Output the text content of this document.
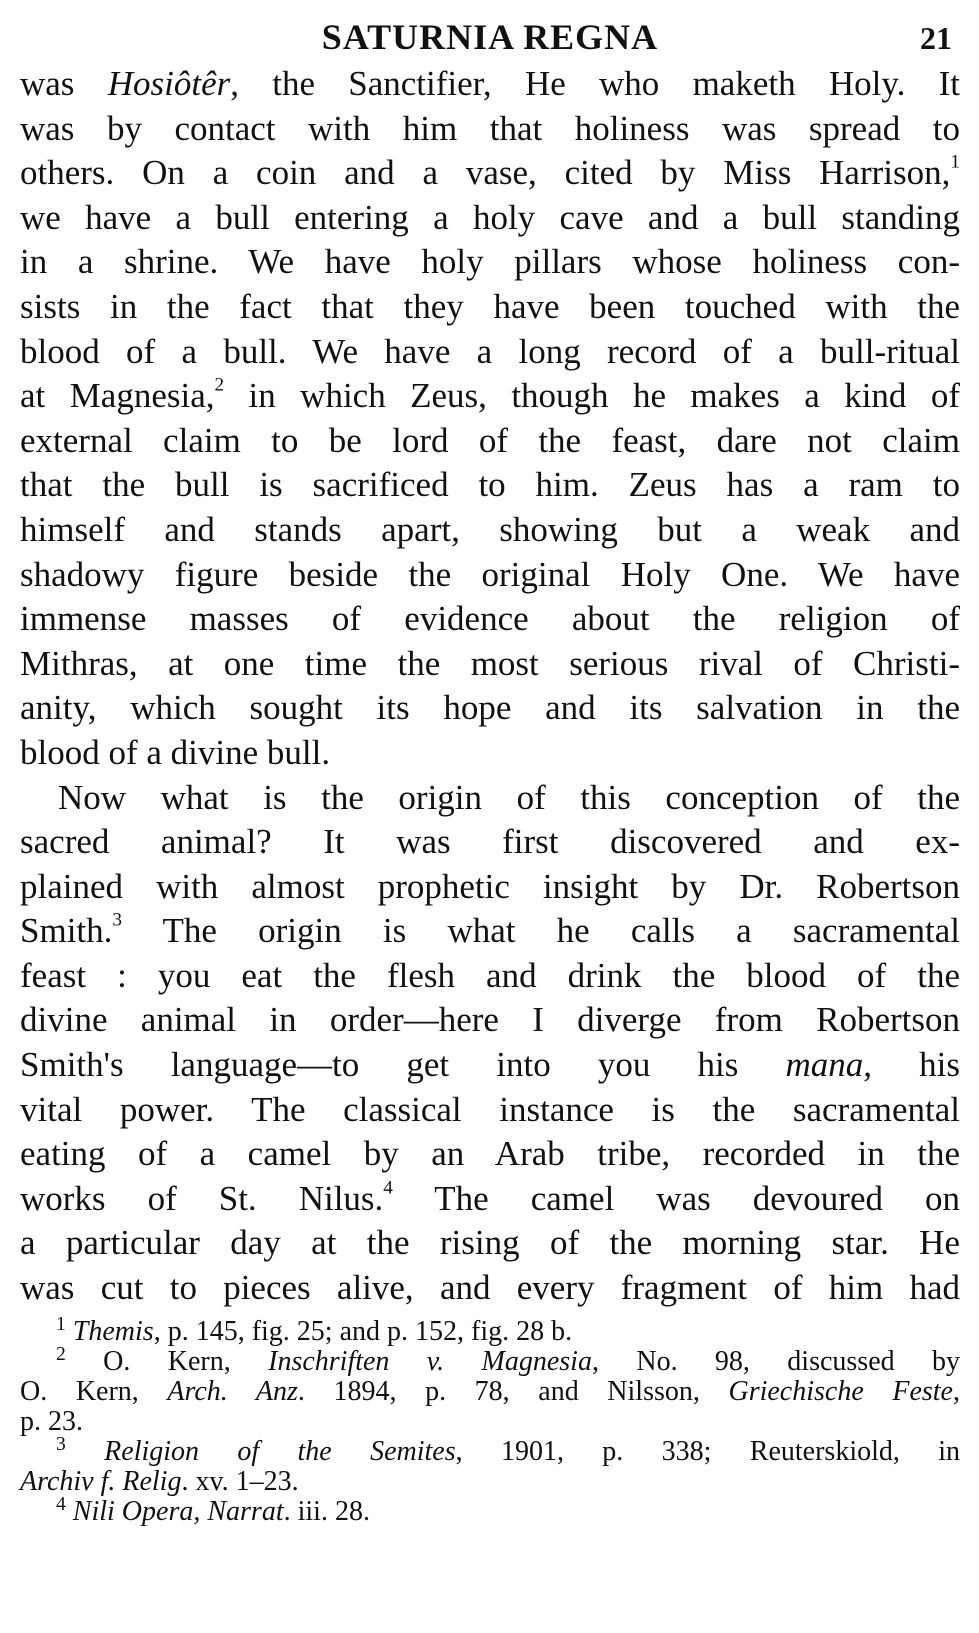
SATURNIA REGNA	21
was Hosiôtêr, the Sanctifier, He who maketh Holy. It
was by contact with him that holiness was spread to
others. On a coin and a vase, cited by Miss Harrison,$^1$
we have a bull entering a holy cave and a bull standing
in a shrine. We have holy pillars whose holiness con-
sists in the fact that they have been touched with the
blood of a bull. We have a long record of a bull-ritual
at Magnesia,$^2$ in which Zeus, though he makes a kind of
external claim to be lord of the feast, dare not claim
that the bull is sacrificed to him. Zeus has a ram to
himself and stands apart, showing but a weak and
shadowy figure beside the original Holy One. We have
immense masses of evidence about the religion of
Mithras, at one time the most serious rival of Christi-
anity, which sought its hope and its salvation in the
blood of a divine bull.
Now what is the origin of this conception of the
sacred animal? It was first discovered and ex-
plained with almost prophetic insight by Dr. Robertson
Smith.$^3$ The origin is what he calls a sacramental
feast : you eat the flesh and drink the blood of the
divine animal in order—here I diverge from Robertson
Smith's language—to get into you his mana, his
vital power. The classical instance is the sacramental
eating of a camel by an Arab tribe, recorded in the
works of St. Nilus.$^4$ The camel was devoured on
a particular day at the rising of the morning star. He
was cut to pieces alive, and every fragment of him had
$^1$ Themis, p. 145, fig. 25; and p. 152, fig. 28 b.
$^2$ O. Kern, Inschriften v. Magnesia, No. 98, discussed by
O. Kern, Arch. Anz. 1894, p. 78, and Nilsson, Griechische Feste,
p. 23.
$^3$ Religion of the Semites, 1901, p. 338; Reuterskiold, in
Archiv f. Relig. xv. 1–23.
$^4$ Nili Opera, Narrat. iii. 28.
